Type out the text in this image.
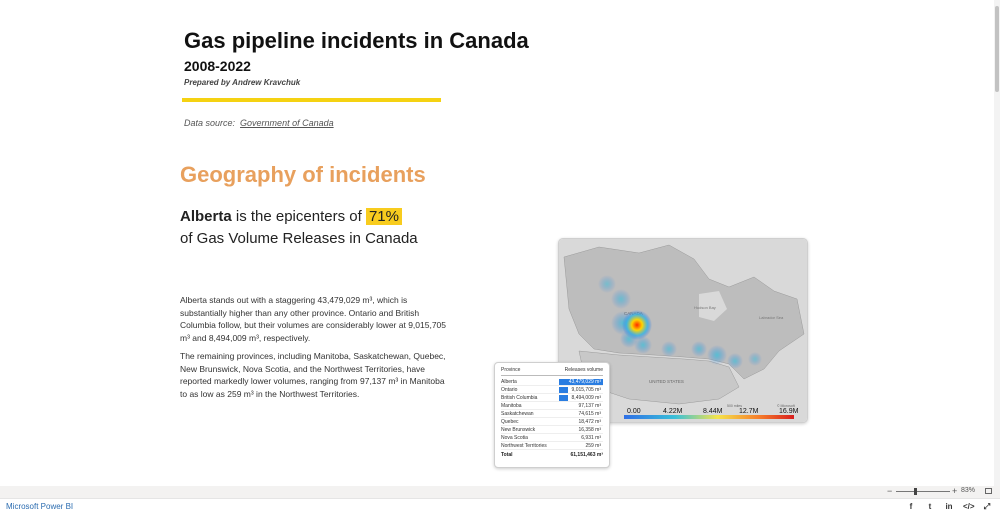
Gas pipeline incidents in Canada
2008-2022
Prepared by Andrew Kravchuk
Data source: Government of Canada
Geography of incidents
Alberta is the epicenters of 71%
of Gas Volume Releases in Canada
Alberta stands out with a staggering 43,479,029 m³, which is substantially higher than any other province. Ontario and British Columbia follow, but their volumes are considerably lower at 9,015,705 m³ and 8,494,009 m³, respectively.
The remaining provinces, including Manitoba, Saskatchewan, Quebec, New Brunswick, Nova Scotia, and the Northwest Territories, have reported markedly lower volumes, ranging from 97,137 m³ in Manitoba to as low as 259 m³ in the Northwest Territories.
Hudson Bay
Labrador Sea
UNITED STATES
500 miles	© Microsoft
0.00	4.22M	8.44M 12.7M	16.9M
Province	Releases volume
Alberta	43,479,029 m³
Ontario	9,015,705 m³
British Columbia	8,494,009 m³
Manitoba	97,137 m³
Saskatchewan	74,615 m³
Quebec	18,472 m³
New Brunswick	16,358 m³
Nova Scotia	6,931 m³
Northwest Territories	259 m³
Total	61,151,463 m³
−	+ 83%
Microsoft Power BI	f	t	in </> ⤢
